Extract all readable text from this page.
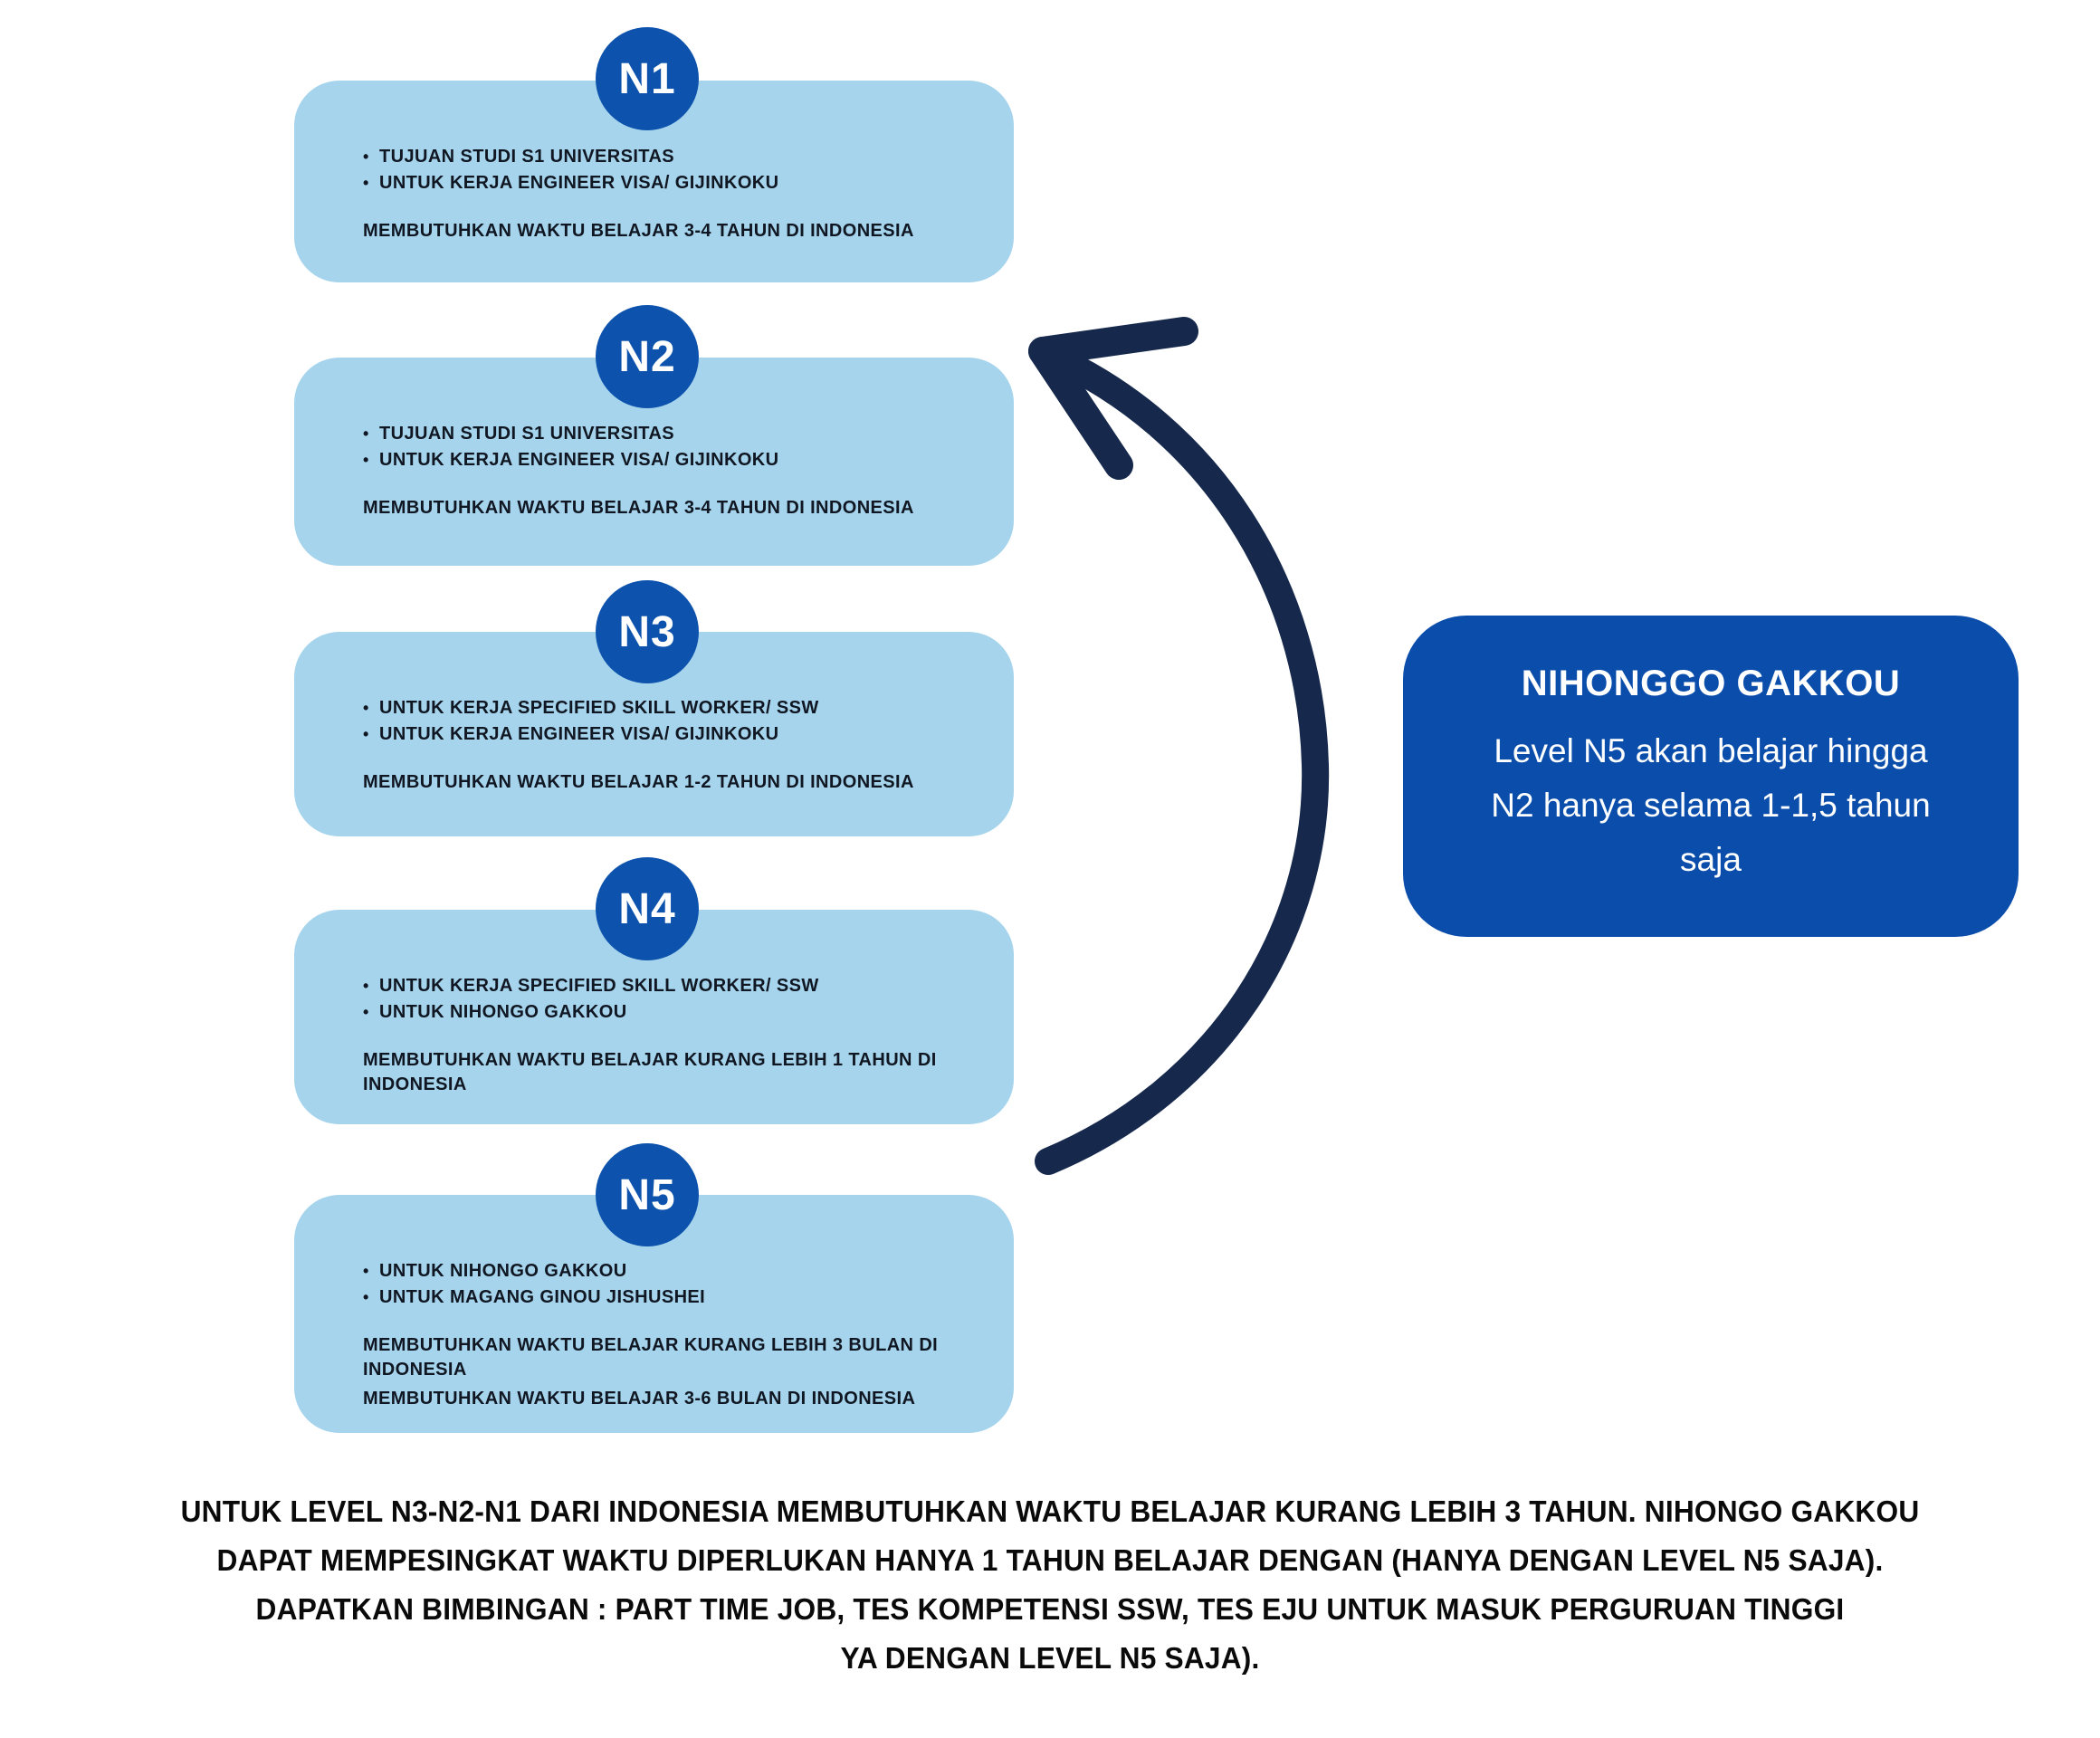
• TUJUAN STUDI S1 UNIVERSITAS
• UNTUK KERJA ENGINEER VISA/ GIJINKOKU

MEMBUTUHKAN WAKTU BELAJAR 3-4 TAHUN DI INDONESIA

N1
• TUJUAN STUDI S1 UNIVERSITAS
• UNTUK KERJA ENGINEER VISA/ GIJINKOKU

MEMBUTUHKAN WAKTU BELAJAR 3-4 TAHUN DI INDONESIA

N2
• UNTUK KERJA SPECIFIED SKILL WORKER/ SSW
• UNTUK KERJA ENGINEER VISA/ GIJINKOKU

MEMBUTUHKAN WAKTU BELAJAR 1-2 TAHUN DI INDONESIA

N3
• UNTUK KERJA SPECIFIED SKILL WORKER/ SSW
• UNTUK NIHONGO GAKKOU

MEMBUTUHKAN WAKTU BELAJAR KURANG LEBIH 1 TAHUN DI INDONESIA

N4
• UNTUK NIHONGO GAKKOU
• UNTUK MAGANG GINOU JISHUSHEI

MEMBUTUHKAN WAKTU BELAJAR KURANG LEBIH 3 BULAN DI INDONESIA

MEMBUTUHKAN WAKTU BELAJAR 3-6 BULAN DI INDONESIA

N5
NIHONGGO GAKKOU
Level N5 akan belajar hingga
N2 hanya selama 1-1,5 tahun
saja
UNTUK LEVEL N3-N2-N1 DARI INDONESIA MEMBUTUHKAN WAKTU BELAJAR KURANG LEBIH 3 TAHUN. NIHONGO GAKKOU
DAPAT MEMPESINGKAT WAKTU DIPERLUKAN HANYA 1 TAHUN BELAJAR DENGAN (HANYA DENGAN LEVEL N5 SAJA).
DAPATKAN BIMBINGAN : PART TIME JOB, TES KOMPETENSI SSW, TES EJU UNTUK MASUK PERGURUAN TINGGI
YA DENGAN LEVEL N5 SAJA).
